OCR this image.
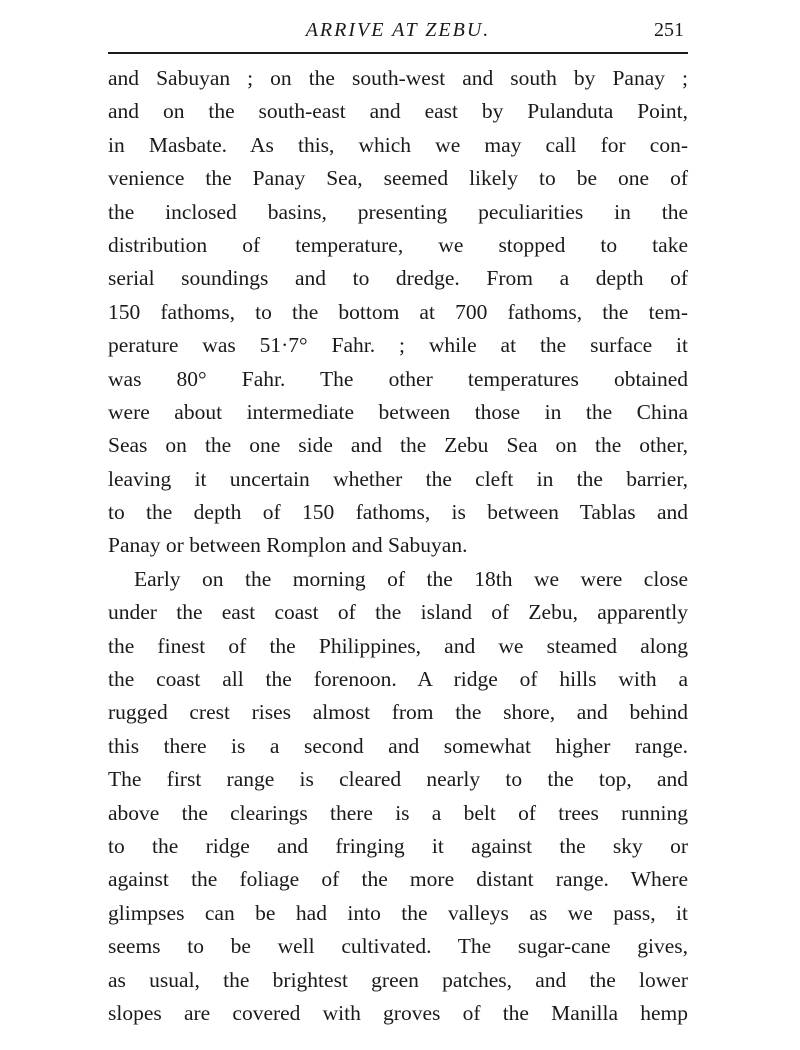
ARRIVE AT ZEBU.	251
and Sabuyan ; on the south-west and south by Panay ;
and on the south-east and east by Pulanduta Point,
in Masbate. As this, which we may call for con-
venience the Panay Sea, seemed likely to be one of
the inclosed basins, presenting peculiarities in the
distribution of temperature, we stopped to take
serial soundings and to dredge. From a depth of
150 fathoms, to the bottom at 700 fathoms, the tem-
perature was 51·7° Fahr. ; while at the surface it
was 80° Fahr. The other temperatures obtained
were about intermediate between those in the China
Seas on the one side and the Zebu Sea on the other,
leaving it uncertain whether the cleft in the barrier,
to the depth of 150 fathoms, is between Tablas and
Panay or between Romplon and Sabuyan.
Early on the morning of the 18th we were close
under the east coast of the island of Zebu, apparently
the finest of the Philippines, and we steamed along
the coast all the forenoon. A ridge of hills with a
rugged crest rises almost from the shore, and behind
this there is a second and somewhat higher range.
The first range is cleared nearly to the top, and
above the clearings there is a belt of trees running
to the ridge and fringing it against the sky or
against the foliage of the more distant range. Where
glimpses can be had into the valleys as we pass, it
seems to be well cultivated. The sugar-cane gives,
as usual, the brightest green patches, and the lower
slopes are covered with groves of the Manilla hemp
